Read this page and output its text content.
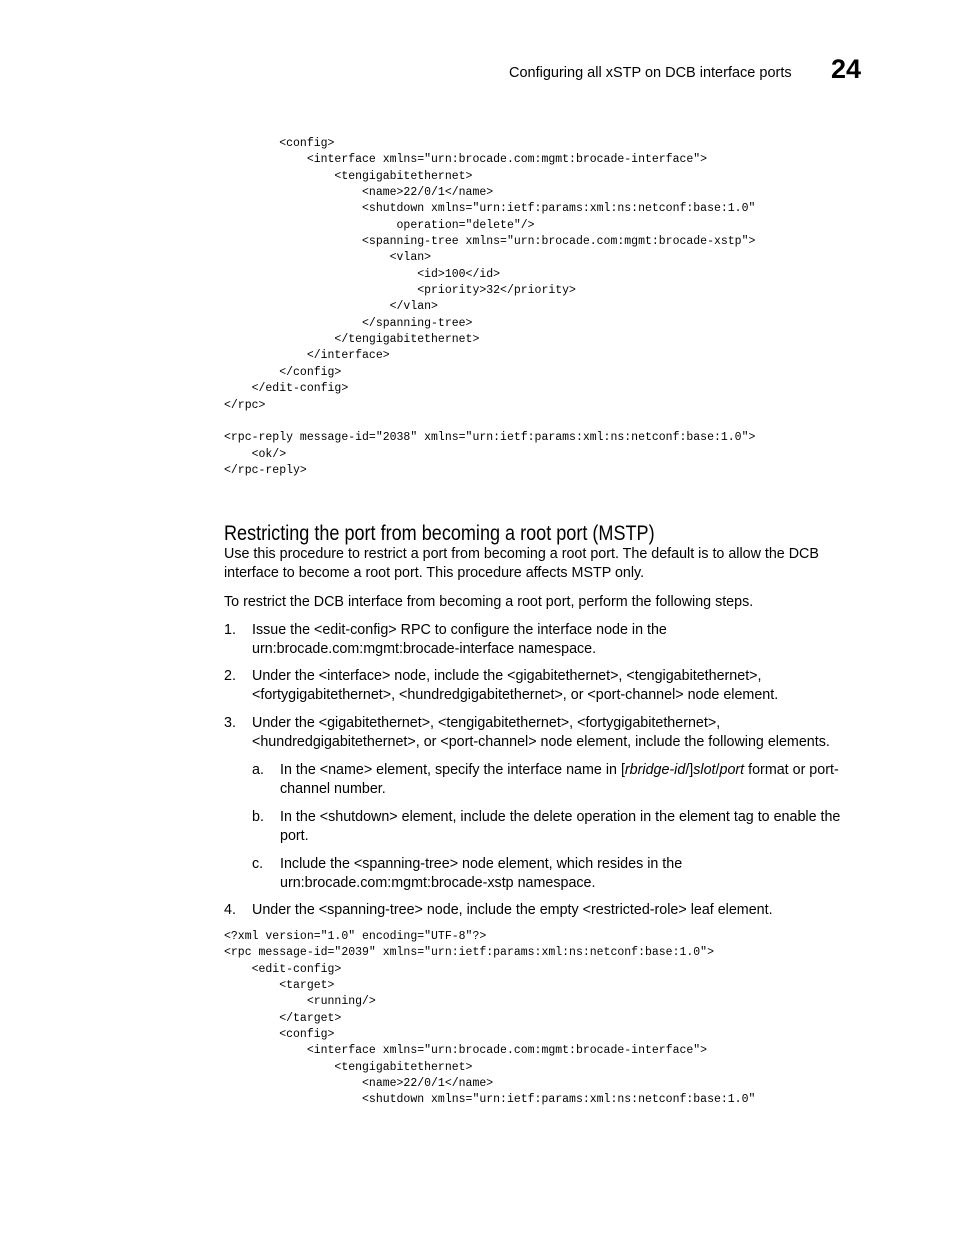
Configuring all xSTP on DCB interface ports 24
<config>
<interface xmlns="urn:brocade.com:mgmt:brocade-interface">
<tengigabitethernet>
<name>22/0/1</name>
<shutdown xmlns="urn:ietf:params:xml:ns:netconf:base:1.0"
operation="delete"/>
<spanning-tree xmlns="urn:brocade.com:mgmt:brocade-xstp">
<vlan>
<id>100</id>
<priority>32</priority>
</vlan>
</spanning-tree>
</tengigabitethernet>
</interface>
</config>
</edit-config>
</rpc>

<rpc-reply message-id="2038" xmlns="urn:ietf:params:xml:ns:netconf:base:1.0">
<ok/>
</rpc-reply>
Restricting the port from becoming a root port (MSTP)

Use this procedure to restrict a port from becoming a root port. The default is to allow the DCB interface to become a root port. This procedure affects MSTP only.

To restrict the DCB interface from becoming a root port, perform the following steps.

1. Issue the <edit-config> RPC to configure the interface node in the urn:brocade.com:mgmt:brocade-interface namespace.
2. Under the <interface> node, include the <gigabitethernet>, <tengigabitethernet>, <fortygigabitethernet>, <hundredgigabitethernet>, or <port-channel> node element.
3. Under the <gigabitethernet>, <tengigabitethernet>, <fortygigabitethernet>, <hundredgigabitethernet>, or <port-channel> node element, include the following elements.
a. In the <name> element, specify the interface name in [rbridge-id/]slot/port format or port-channel number.
b. In the <shutdown> element, include the delete operation in the element tag to enable the port.
c. Include the <spanning-tree> node element, which resides in the urn:brocade.com:mgmt:brocade-xstp namespace.
4. Under the <spanning-tree> node, include the empty <restricted-role> leaf element.
<?xml version="1.0" encoding="UTF-8"?>
<rpc message-id="2039" xmlns="urn:ietf:params:xml:ns:netconf:base:1.0">
<edit-config>
<target>
<running/>
</target>
<config>
<interface xmlns="urn:brocade.com:mgmt:brocade-interface">
<tengigabitethernet>
<name>22/0/1</name>
<shutdown xmlns="urn:ietf:params:xml:ns:netconf:base:1.0"
